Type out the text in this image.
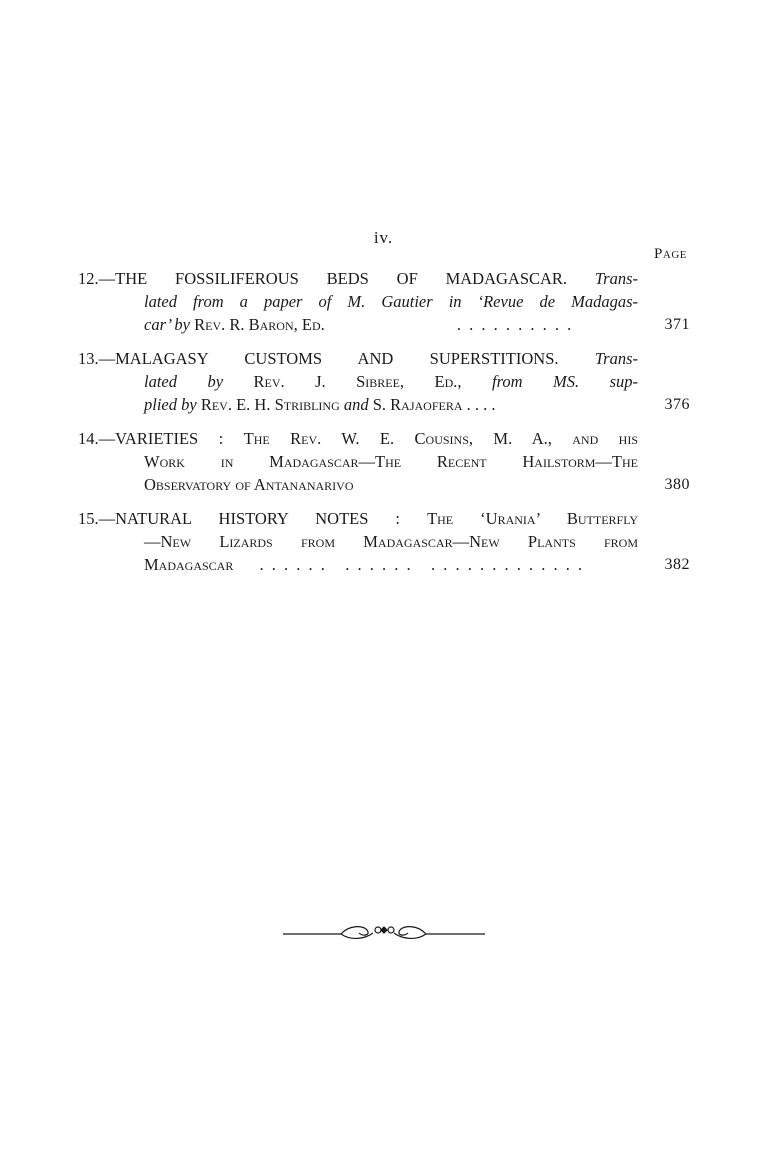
iv.
Page
12.—THE FOSSILIFEROUS BEDS OF MADAGASCAR. Trans-
lated from a paper of M. Gautier in ‘Revue de Madagas-
car’ by Rev. R. Baron, Ed.	. . . . . . . . . .	371
13.—MALAGASY CUSTOMS AND SUPERSTITIONS. Trans-
lated by Rev. J. Sibree, Ed., from MS. sup-
plied by Rev. E. H. Stribling and S. Rajaofera . . . .	376
14.—VARIETIES : The Rev. W. E. Cousins, M. A., and his
Work in Madagascar—The Recent Hailstorm—The
Observatory of Antananarivo	380
15.—NATURAL HISTORY NOTES : The ‘Urania’ Butterfly
—New Lizards from Madagascar—New Plants from
Madagascar . . . . . .   . . . . . .   . . . . . . . . . . . . .	382
